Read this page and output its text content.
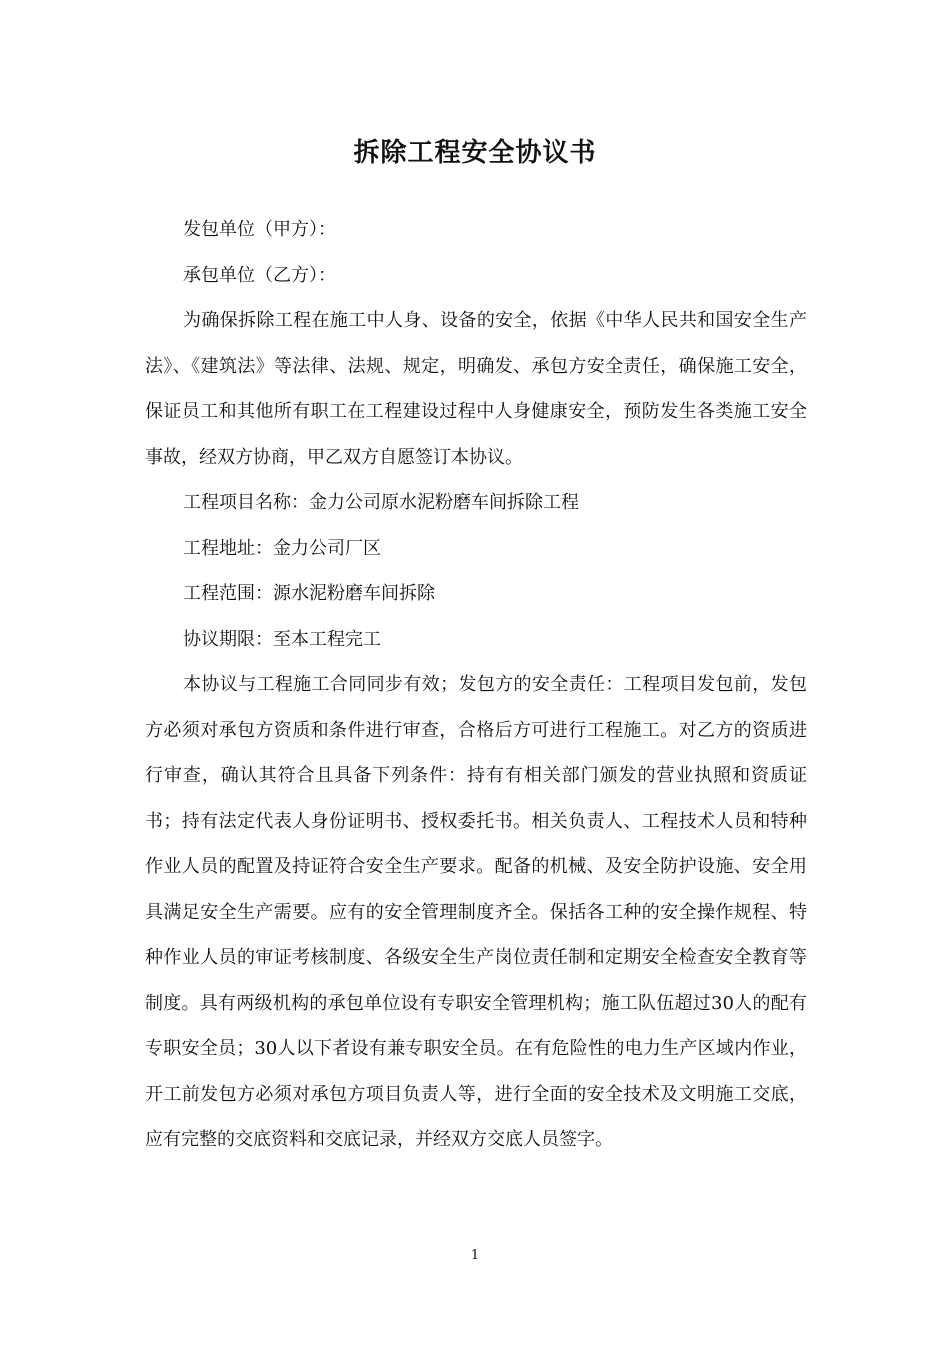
拆除工程安全协议书

发包单位（甲方）：

承包单位（乙方）：

为确保拆除工程在施工中人身、设备的安全，依据《中华人民共和国安全生产法》、《建筑法》等法律、法规、规定，明确发、承包方安全责任，确保施工安全，保证员工和其他所有职工在工程建设过程中人身健康安全，预防发生各类施工安全事故，经双方协商，甲乙双方自愿签订本协议。

工程项目名称：金力公司原水泥粉磨车间拆除工程

工程地址：金力公司厂区

工程范围：源水泥粉磨车间拆除

协议期限：至本工程完工

本协议与工程施工合同同步有效；发包方的安全责任：工程项目发包前，发包方必须对承包方资质和条件进行审查，合格后方可进行工程施工。对乙方的资质进行审查，确认其符合且具备下列条件：持有有相关部门颁发的营业执照和资质证书；持有法定代表人身份证明书、授权委托书。相关负责人、工程技术人员和特种作业人员的配置及持证符合安全生产要求。配备的机械、及安全防护设施、安全用具满足安全生产需要。应有的安全管理制度齐全。保括各工种的安全操作规程、特种作业人员的审证考核制度、各级安全生产岗位责任制和定期安全检查安全教育等制度。具有两级机构的承包单位设有专职安全管理机构；施工队伍超过30人的配有专职安全员；30人以下者设有兼专职安全员。在有危险性的电力生产区域内作业，开工前发包方必须对承包方项目负责人等，进行全面的安全技术及文明施工交底，应有完整的交底资料和交底记录，并经双方交底人员签字。

1
